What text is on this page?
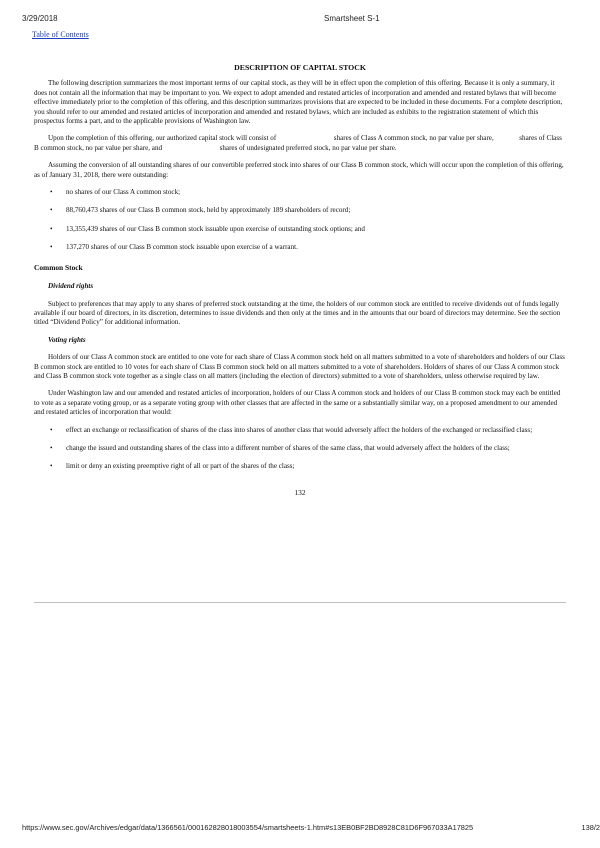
3/29/2018	Smartsheet S-1
Table of Contents
DESCRIPTION OF CAPITAL STOCK

The following description summarizes the most important terms of our capital stock, as they will be in effect upon the completion of this offering. Because it is only a summary, it does not contain all the information that may be important to you. We expect to adopt amended and restated articles of incorporation and amended and restated bylaws that will become effective immediately prior to the completion of this offering, and this description summarizes provisions that are expected to be included in these documents. For a complete description, you should refer to our amended and restated articles of incorporation and amended and restated bylaws, which are included as exhibits to the registration statement of which this prospectus forms a part, and to the applicable provisions of Washington law.

Upon the completion of this offering, our authorized capital stock will consist of	shares of Class A common stock, no par value per share,	shares of Class B common stock, no par value per share, and	shares of undesignated preferred stock, no par value per share.

Assuming the conversion of all outstanding shares of our convertible preferred stock into shares of our Class B common stock, which will occur upon the completion of this offering, as of January 31, 2018, there were outstanding:

• no shares of our Class A common stock;
• 88,760,473 shares of our Class B common stock, held by approximately 189 shareholders of record;
• 13,355,439 shares of our Class B common stock issuable upon exercise of outstanding stock options; and
• 137,270 shares of our Class B common stock issuable upon exercise of a warrant.
Common Stock
Dividend rights

Subject to preferences that may apply to any shares of preferred stock outstanding at the time, the holders of our common stock are entitled to receive dividends out of funds legally available if our board of directors, in its discretion, determines to issue dividends and then only at the times and in the amounts that our board of directors may determine. See the section titled “Dividend Policy” for additional information.

Voting rights

Holders of our Class A common stock are entitled to one vote for each share of Class A common stock held on all matters submitted to a vote of shareholders and holders of our Class B common stock are entitled to 10 votes for each share of Class B common stock held on all matters submitted to a vote of shareholders. Holders of shares of our Class A common stock and Class B common stock vote together as a single class on all matters (including the election of directors) submitted to a vote of shareholders, unless otherwise required by law.

Under Washington law and our amended and restated articles of incorporation, holders of our Class A common stock and holders of our Class B common stock may each be entitled to vote as a separate voting group, or as a separate voting group with other classes that are affected in the same or a substantially similar way, on a proposed amendment to our amended and restated articles of incorporation that would:

• effect an exchange or reclassification of shares of the class into shares of another class that would adversely affect the holders of the exchanged or reclassified class;
• change the issued and outstanding shares of the class into a different number of shares of the same class, that would adversely affect the holders of the class;
• limit or deny an existing preemptive right of all or part of the shares of the class;
132
https://www.sec.gov/Archives/edgar/data/1366561/000162828018003554/smartsheets-1.htm#s13EB0BF2BD8928C81D6F967033A17825	138/2
